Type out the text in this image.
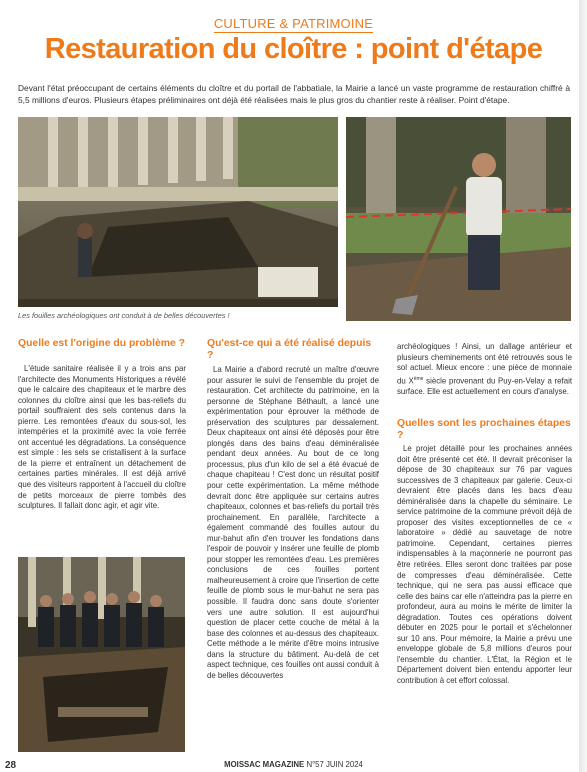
CULTURE & PATRIMOINE
Restauration du cloître : point d'étape
Devant l'état préoccupant de certains éléments du cloître et du portail de l'abbatiale, la Mairie a lancé un vaste programme de restauration chiffré à 5,5 millions d'euros. Plusieurs étapes préliminaires ont déjà été réalisées mais le plus gros du chantier reste à réaliser. Point d'étape.
Les fouilles archéologiques ont conduit à de belles découvertes !
Quelle est l'origine du problème ?

L'étude sanitaire réalisée il y a trois ans par l'architecte des Monuments Historiques a révélé que le calcaire des chapiteaux et le marbre des colonnes du cloître ainsi que les bas-reliefs du portail souffraient des sels contenus dans la pierre. Les remontées d'eaux du sous-sol, les intempéries et la proximité avec la voie ferrée ont accentué les dégradations. La conséquence est simple : les sels se cristallisent à la surface de la pierre et entraînent un détachement de certaines parties minérales. Il est déjà arrivé que des visiteurs rapportent à l'accueil du cloître de petits morceaux de pierre tombés des sculptures. Il fallait donc agir, et agir vite.

Qu'est-ce qui a été réalisé depuis ?

La Mairie a d'abord recruté un maître d'œuvre pour assurer le suivi de l'ensemble du projet de restauration. Cet architecte du patrimoine, en la personne de Stéphane Béthault, a lancé une expérimentation pour éprouver la méthode de préservation des sculptures par dessalement. Deux chapiteaux ont ainsi été déposés pour être plongés dans des bains d'eau déminéralisée pendant deux années. Au bout de ce long processus, plus d'un kilo de sel a été évacué de chaque chapiteau ! C'est donc un résultat positif pour cette expérimentation. La même méthode devrait donc être appliquée sur certains autres chapiteaux, colonnes et bas-reliefs du portail très prochainement. En parallèle, l'architecte a également commandé des fouilles autour du mur-bahut afin d'en trouver les fondations dans l'espoir de pouvoir y insérer une feuille de plomb pour stopper les remontées d'eau. Les premières conclusions de ces fouilles portent malheureusement à croire que l'insertion de cette feuille de plomb sous le mur-bahut ne sera pas possible. Il faudra donc sans doute s'orienter vers une autre solution. Il est aujourd'hui question de placer cette couche de métal à la base des colonnes et au-dessus des chapiteaux. Cette méthode a le mérite d'être moins intrusive dans la structure du bâtiment. Au-delà de cet aspect technique, ces fouilles ont aussi conduit à de belles découvertes

archéologiques ! Ainsi, un dallage antérieur et plusieurs cheminements ont été retrouvés sous le sol actuel. Mieux encore : une pièce de monnaie du Xème siècle provenant du Puy-en-Velay a refait surface. Elle est actuellement en cours d'analyse.
Quelles sont les prochaines étapes ?

Le projet détaillé pour les prochaines années doit être présenté cet été. Il devrait préconiser la dépose de 30 chapiteaux sur 76 par vagues successives de 3 chapiteaux par galerie. Ceux-ci devraient être placés dans les bacs d'eau déminéralisée dans la chapelle du séminaire. Le service patrimoine de la commune prévoit déjà de proposer des visites exceptionnelles de ce « laboratoire » dédié au sauvetage de notre patrimoine. Cependant, certaines pierres indispensables à la maçonnerie ne pourront pas être retirées. Elles seront donc traitées par pose de compresses d'eau déminéralisée. Cette technique, qui ne sera pas aussi efficace que celle des bains car elle n'atteindra pas la pierre en profondeur, aura au moins le mérite de limiter la dégradation. Toutes ces opérations doivent débuter en 2025 pour le portail et s'échelonner sur 10 ans. Pour mémoire, la Mairie a prévu une enveloppe globale de 5,8 millions d'euros pour l'ensemble du chantier. L'État, la Région et le Département doivent bien entendu apporter leur contribution à cet effort colossal.

28	MOISSAC MAGAZINE N°57 JUIN 2024
